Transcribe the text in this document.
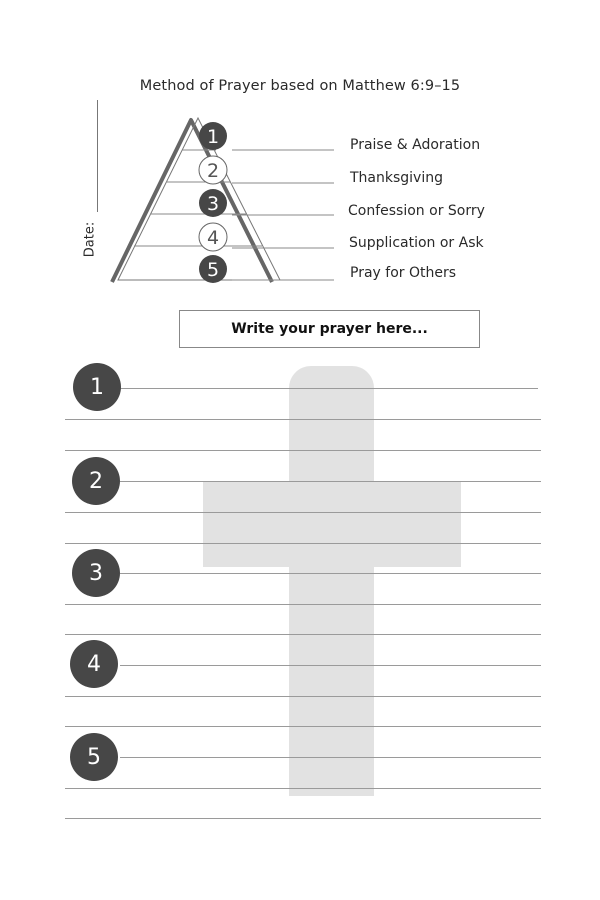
Method of Prayer based on Matthew 6:9–15
Date:
1
2
3
4
5
Praise & Adoration
Thanksgiving
Confession or Sorry
Supplication or Ask
Pray for Others
Write your prayer here...
1
2
3
4
5
